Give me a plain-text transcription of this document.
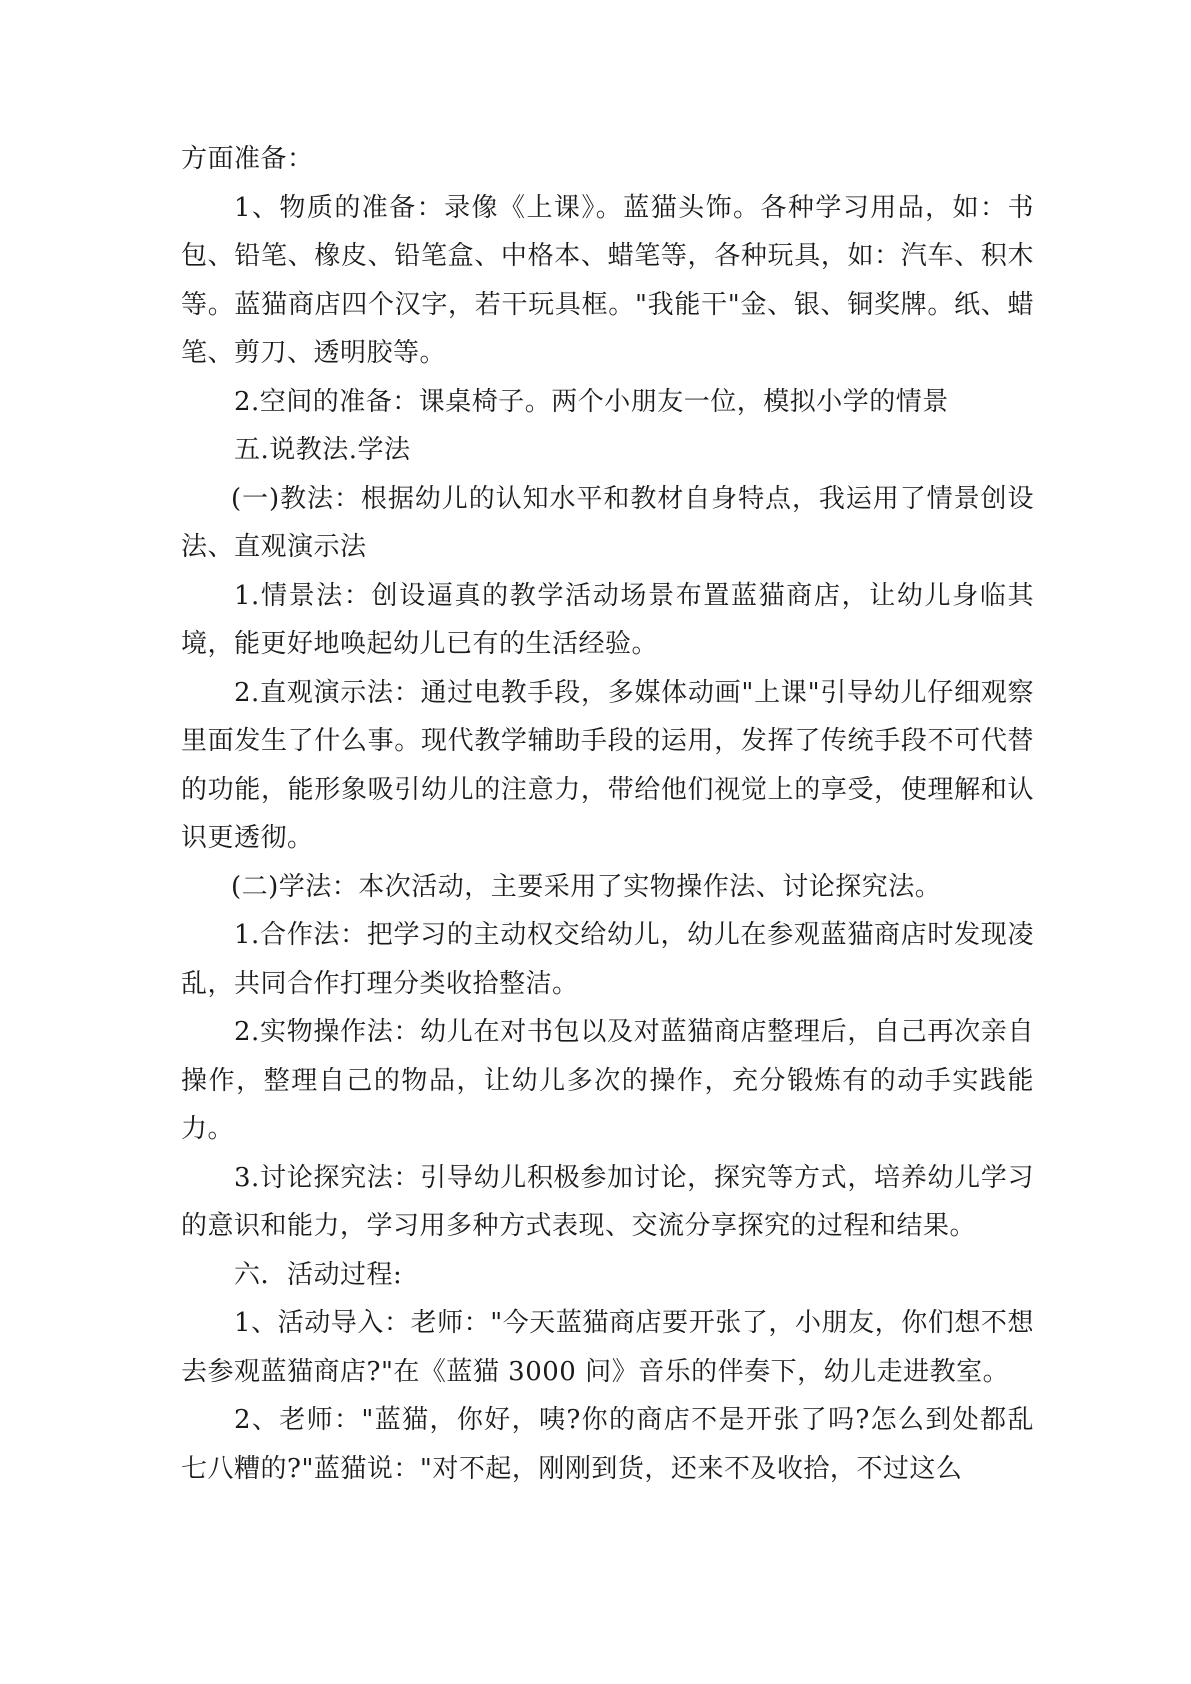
方面准备：

1、物质的准备：录像《上课》。蓝猫头饰。各种学习用品，如：书包、铅笔、橡皮、铅笔盒、中格本、蜡笔等，各种玩具，如：汽车、积木等。蓝猫商店四个汉字，若干玩具框。"我能干"金、银、铜奖牌。纸、蜡笔、剪刀、透明胶等。

2.空间的准备：课桌椅子。两个小朋友一位，模拟小学的情景

五.说教法.学法

(一)教法：根据幼儿的认知水平和教材自身特点，我运用了情景创设法、直观演示法

1.情景法：创设逼真的教学活动场景布置蓝猫商店，让幼儿身临其境，能更好地唤起幼儿已有的生活经验。

2.直观演示法：通过电教手段，多媒体动画"上课"引导幼儿仔细观察里面发生了什么事。现代教学辅助手段的运用，发挥了传统手段不可代替的功能，能形象吸引幼儿的注意力，带给他们视觉上的享受，使理解和认识更透彻。

(二)学法：本次活动，主要采用了实物操作法、讨论探究法。

1.合作法：把学习的主动权交给幼儿，幼儿在参观蓝猫商店时发现凌乱，共同合作打理分类收拾整洁。

2.实物操作法：幼儿在对书包以及对蓝猫商店整理后，自己再次亲自操作，整理自己的物品，让幼儿多次的操作，充分锻炼有的动手实践能力。

3.讨论探究法：引导幼儿积极参加讨论，探究等方式，培养幼儿学习的意识和能力，学习用多种方式表现、交流分享探究的过程和结果。

六．活动过程:

1、活动导入：老师："今天蓝猫商店要开张了，小朋友，你们想不想去参观蓝猫商店?"在《蓝猫 3000 问》音乐的伴奏下，幼儿走进教室。

2、老师："蓝猫，你好，咦?你的商店不是开张了吗?怎么到处都乱七八糟的?"蓝猫说："对不起，刚刚到货，还来不及收拾，不过这么
